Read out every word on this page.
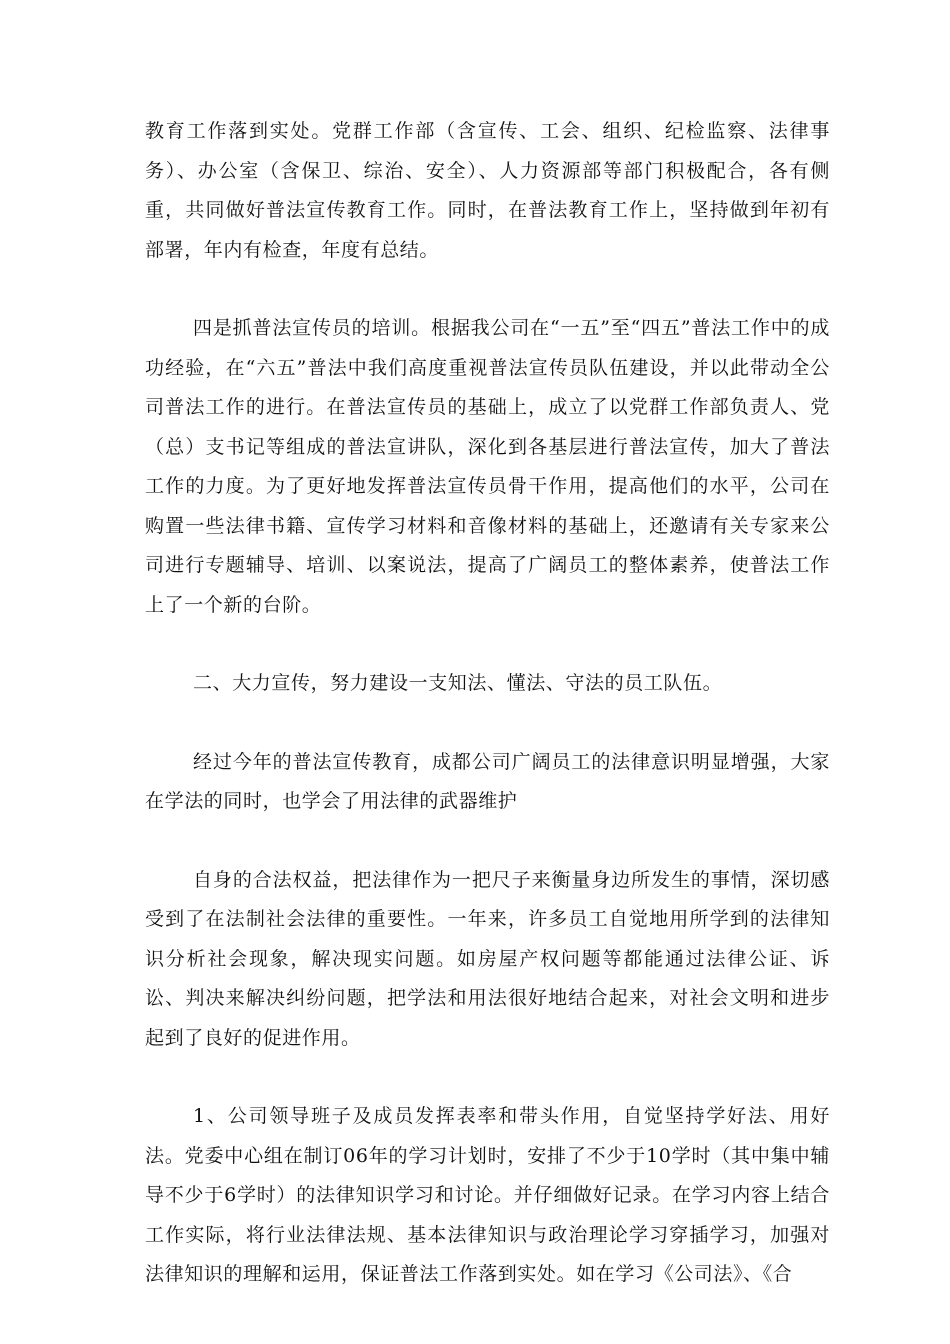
教育工作落到实处。党群工作部（含宣传、工会、组织、纪检监察、法律事务）、办公室（含保卫、综治、安全）、人力资源部等部门积极配合，各有侧重，共同做好普法宣传教育工作。同时，在普法教育工作上，坚持做到年初有部署，年内有检查，年度有总结。

四是抓普法宣传员的培训。根据我公司在“一五”至“四五”普法工作中的成功经验，在“六五”普法中我们高度重视普法宣传员队伍建设，并以此带动全公司普法工作的进行。在普法宣传员的基础上，成立了以党群工作部负责人、党（总）支书记等组成的普法宣讲队，深化到各基层进行普法宣传，加大了普法工作的力度。为了更好地发挥普法宣传员骨干作用，提高他们的水平，公司在购置一些法律书籍、宣传学习材料和音像材料的基础上，还邀请有关专家来公司进行专题辅导、培训、以案说法，提高了广阔员工的整体素养，使普法工作上了一个新的台阶。

二、大力宣传，努力建设一支知法、懂法、守法的员工队伍。

经过今年的普法宣传教育，成都公司广阔员工的法律意识明显增强，大家在学法的同时，也学会了用法律的武器维护

自身的合法权益，把法律作为一把尺子来衡量身边所发生的事情，深切感受到了在法制社会法律的重要性。一年来，许多员工自觉地用所学到的法律知识分析社会现象，解决现实问题。如房屋产权问题等都能通过法律公证、诉讼、判决来解决纠纷问题，把学法和用法很好地结合起来，对社会文明和进步起到了良好的促进作用。

1、公司领导班子及成员发挥表率和带头作用，自觉坚持学好法、用好法。党委中心组在制订06年的学习计划时，安排了不少于10学时（其中集中辅导不少于6学时）的法律知识学习和讨论。并仔细做好记录。在学习内容上结合工作实际，将行业法律法规、基本法律知识与政治理论学习穿插学习，加强对法律知识的理解和运用，保证普法工作落到实处。如在学习《公司法》、《合
